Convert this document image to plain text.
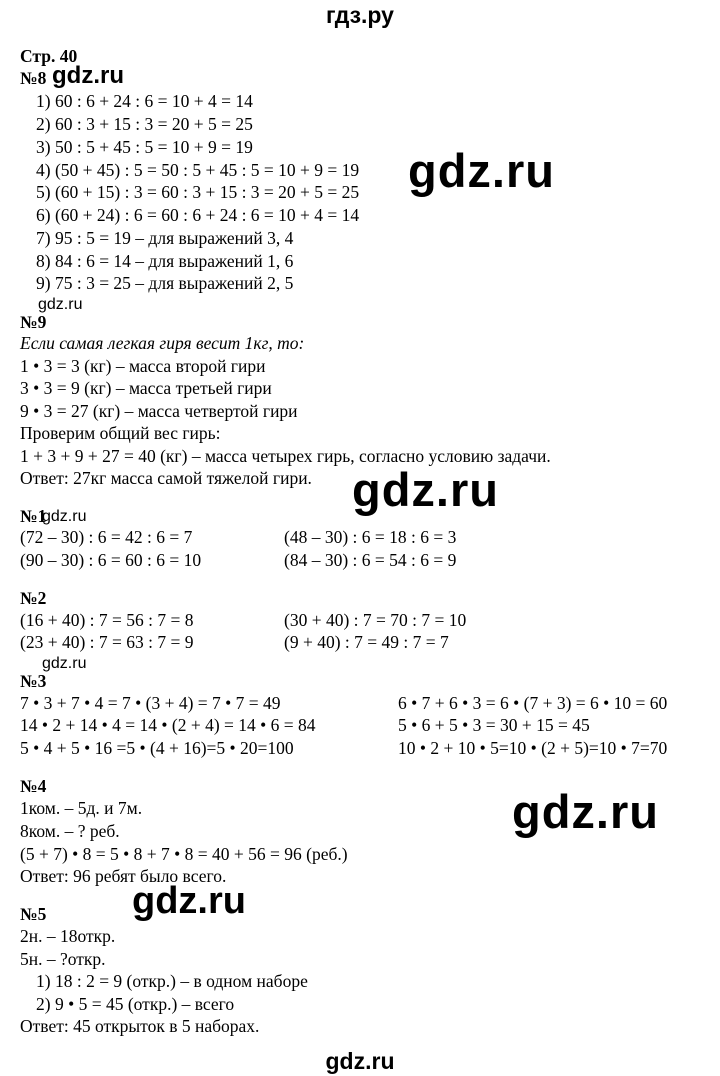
гдз.ру
Стр. 40
№8 gdz.ru
1) 60 : 6 + 24 : 6 = 10 + 4 = 14
2) 60 : 3 + 15 : 3 = 20 + 5 = 25
3) 50 : 5 + 45 : 5 = 10 + 9 = 19
4) (50 + 45) : 5 = 50 : 5 + 45 : 5 = 10 + 9 = 19
5) (60 + 15) : 3 = 60 : 3 + 15 : 3 = 20 + 5 = 25
6) (60 + 24) : 6 = 60 : 6 + 24 : 6 = 10 + 4 = 14
7) 95 : 5 = 19 – для выражений 3, 4
8) 84 : 6 = 14 – для выражений 1, 6
9) 75 : 3 = 25 – для выражений 2, 5
gdz.ru
gdz.ru
№9
Если самая легкая гиря весит 1кг, то:
1 • 3 = 3 (кг) – масса второй гири
3 • 3 = 9 (кг) – масса третьей гири
9 • 3 = 27 (кг) – масса четвертой гири
Проверим общий вес гирь:
1 + 3 + 9 + 27 = 40 (кг) – масса четырех гирь, согласно условию задачи.
Ответ: 27кг масса самой тяжелой гири. gdz.ru
№1
gdz.ru
(72 – 30) : 6 = 42 : 6 = 7
(90 – 30) : 6 = 60 : 6 = 10
(48 – 30) : 6 = 18 : 6 = 3
(84 – 30) : 6 = 54 : 6 = 9
№2
(16 + 40) : 7 = 56 : 7 = 8
(23 + 40) : 7 = 63 : 7 = 9
(30 + 40) : 7 = 70 : 7 = 10
(9 + 40) : 7 = 49 : 7 = 7
gdz.ru
№3
7 • 3 + 7 • 4 = 7 • (3 + 4) = 7 • 7 = 49
14 • 2 + 14 • 4 = 14 • (2 + 4) = 14 • 6 = 84
5 • 4 + 5 • 16 =5 • (4 + 16)=5 • 20=100
6 • 7 + 6 • 3 = 6 • (7 + 3) = 6 • 10 = 60
5 • 6 + 5 • 3 = 30 + 15 = 45
10 • 2 + 10 • 5=10 • (2 + 5)=10 • 7=70
№4
1ком. – 5д. и 7м.
8ком. – ? реб.
(5 + 7) • 8 = 5 • 8 + 7 • 8 = 40 + 56 = 96 (реб.)
Ответ: 96 ребят было всего.
gdz.ru
gdz.ru
№5
2н. – 18откр.
5н. – ?откр.
1) 18 : 2 = 9 (откр.) – в одном наборе
2) 9 • 5 = 45 (откр.) – всего
Ответ: 45 открыток в 5 наборах.
gdz.ru
